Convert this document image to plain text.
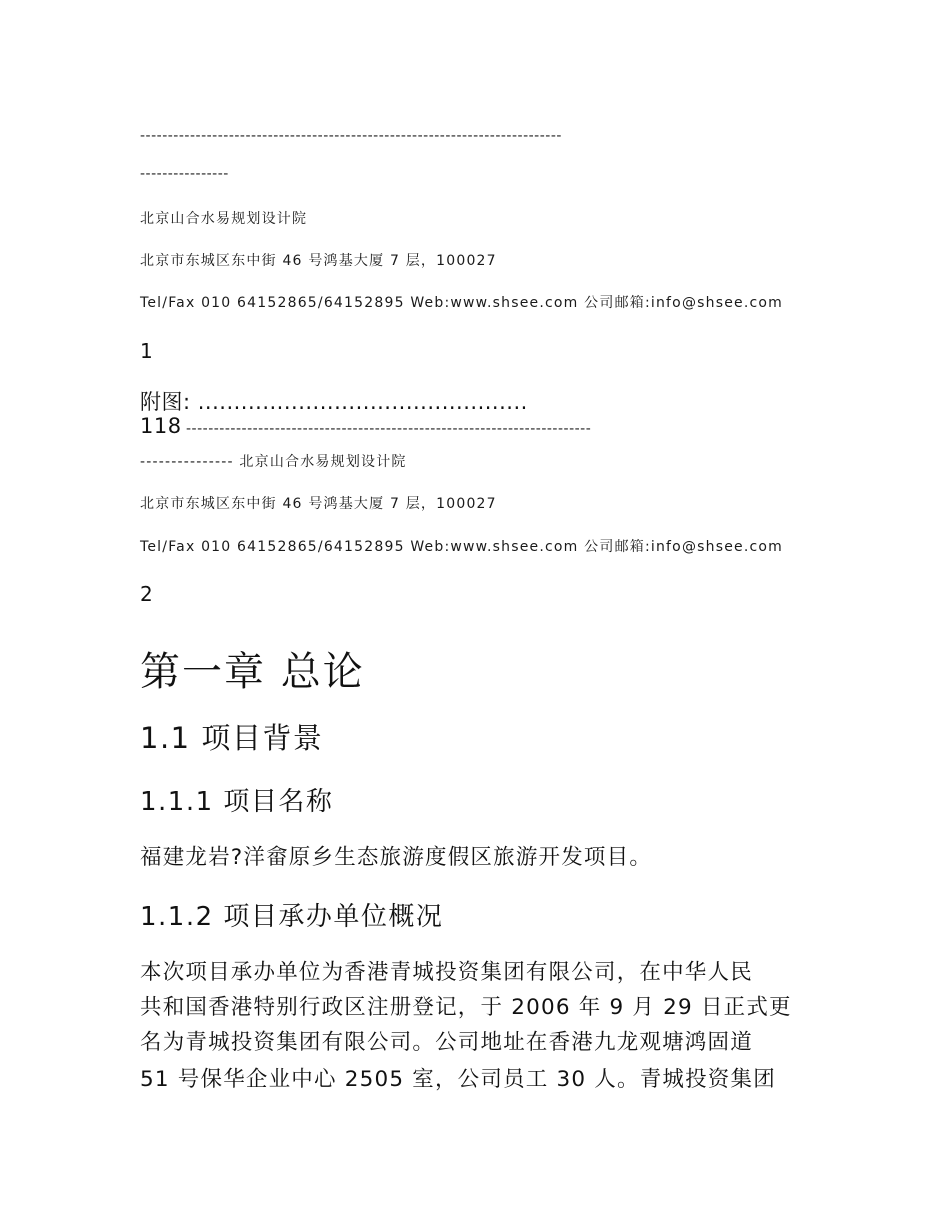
----------------------------------------------------------------------------
----------------
北京山合水易规划设计院
北京市东城区东中街 46 号鸿基大厦 7 层，100027
Tel/Fax 010 64152865/64152895 Web:www.shsee.com 公司邮箱:info@shsee.com
1
附图: ..............................................
118 -------------------------------------------------------------------------
--------------- 北京山合水易规划设计院
北京市东城区东中街 46 号鸿基大厦 7 层，100027
Tel/Fax 010 64152865/64152895 Web:www.shsee.com 公司邮箱:info@shsee.com
2
第一章 总论
1.1 项目背景
1.1.1 项目名称
福建龙岩?洋畲原乡生态旅游度假区旅游开发项目。
1.1.2 项目承办单位概况
本次项目承办单位为香港青城投资集团有限公司，在中华人民
共和国香港特别行政区注册登记，于 2006 年 9 月 29 日正式更
名为青城投资集团有限公司。公司地址在香港九龙观塘鸿固道
51 号保华企业中心 2505 室，公司员工 30 人。青城投资集团
